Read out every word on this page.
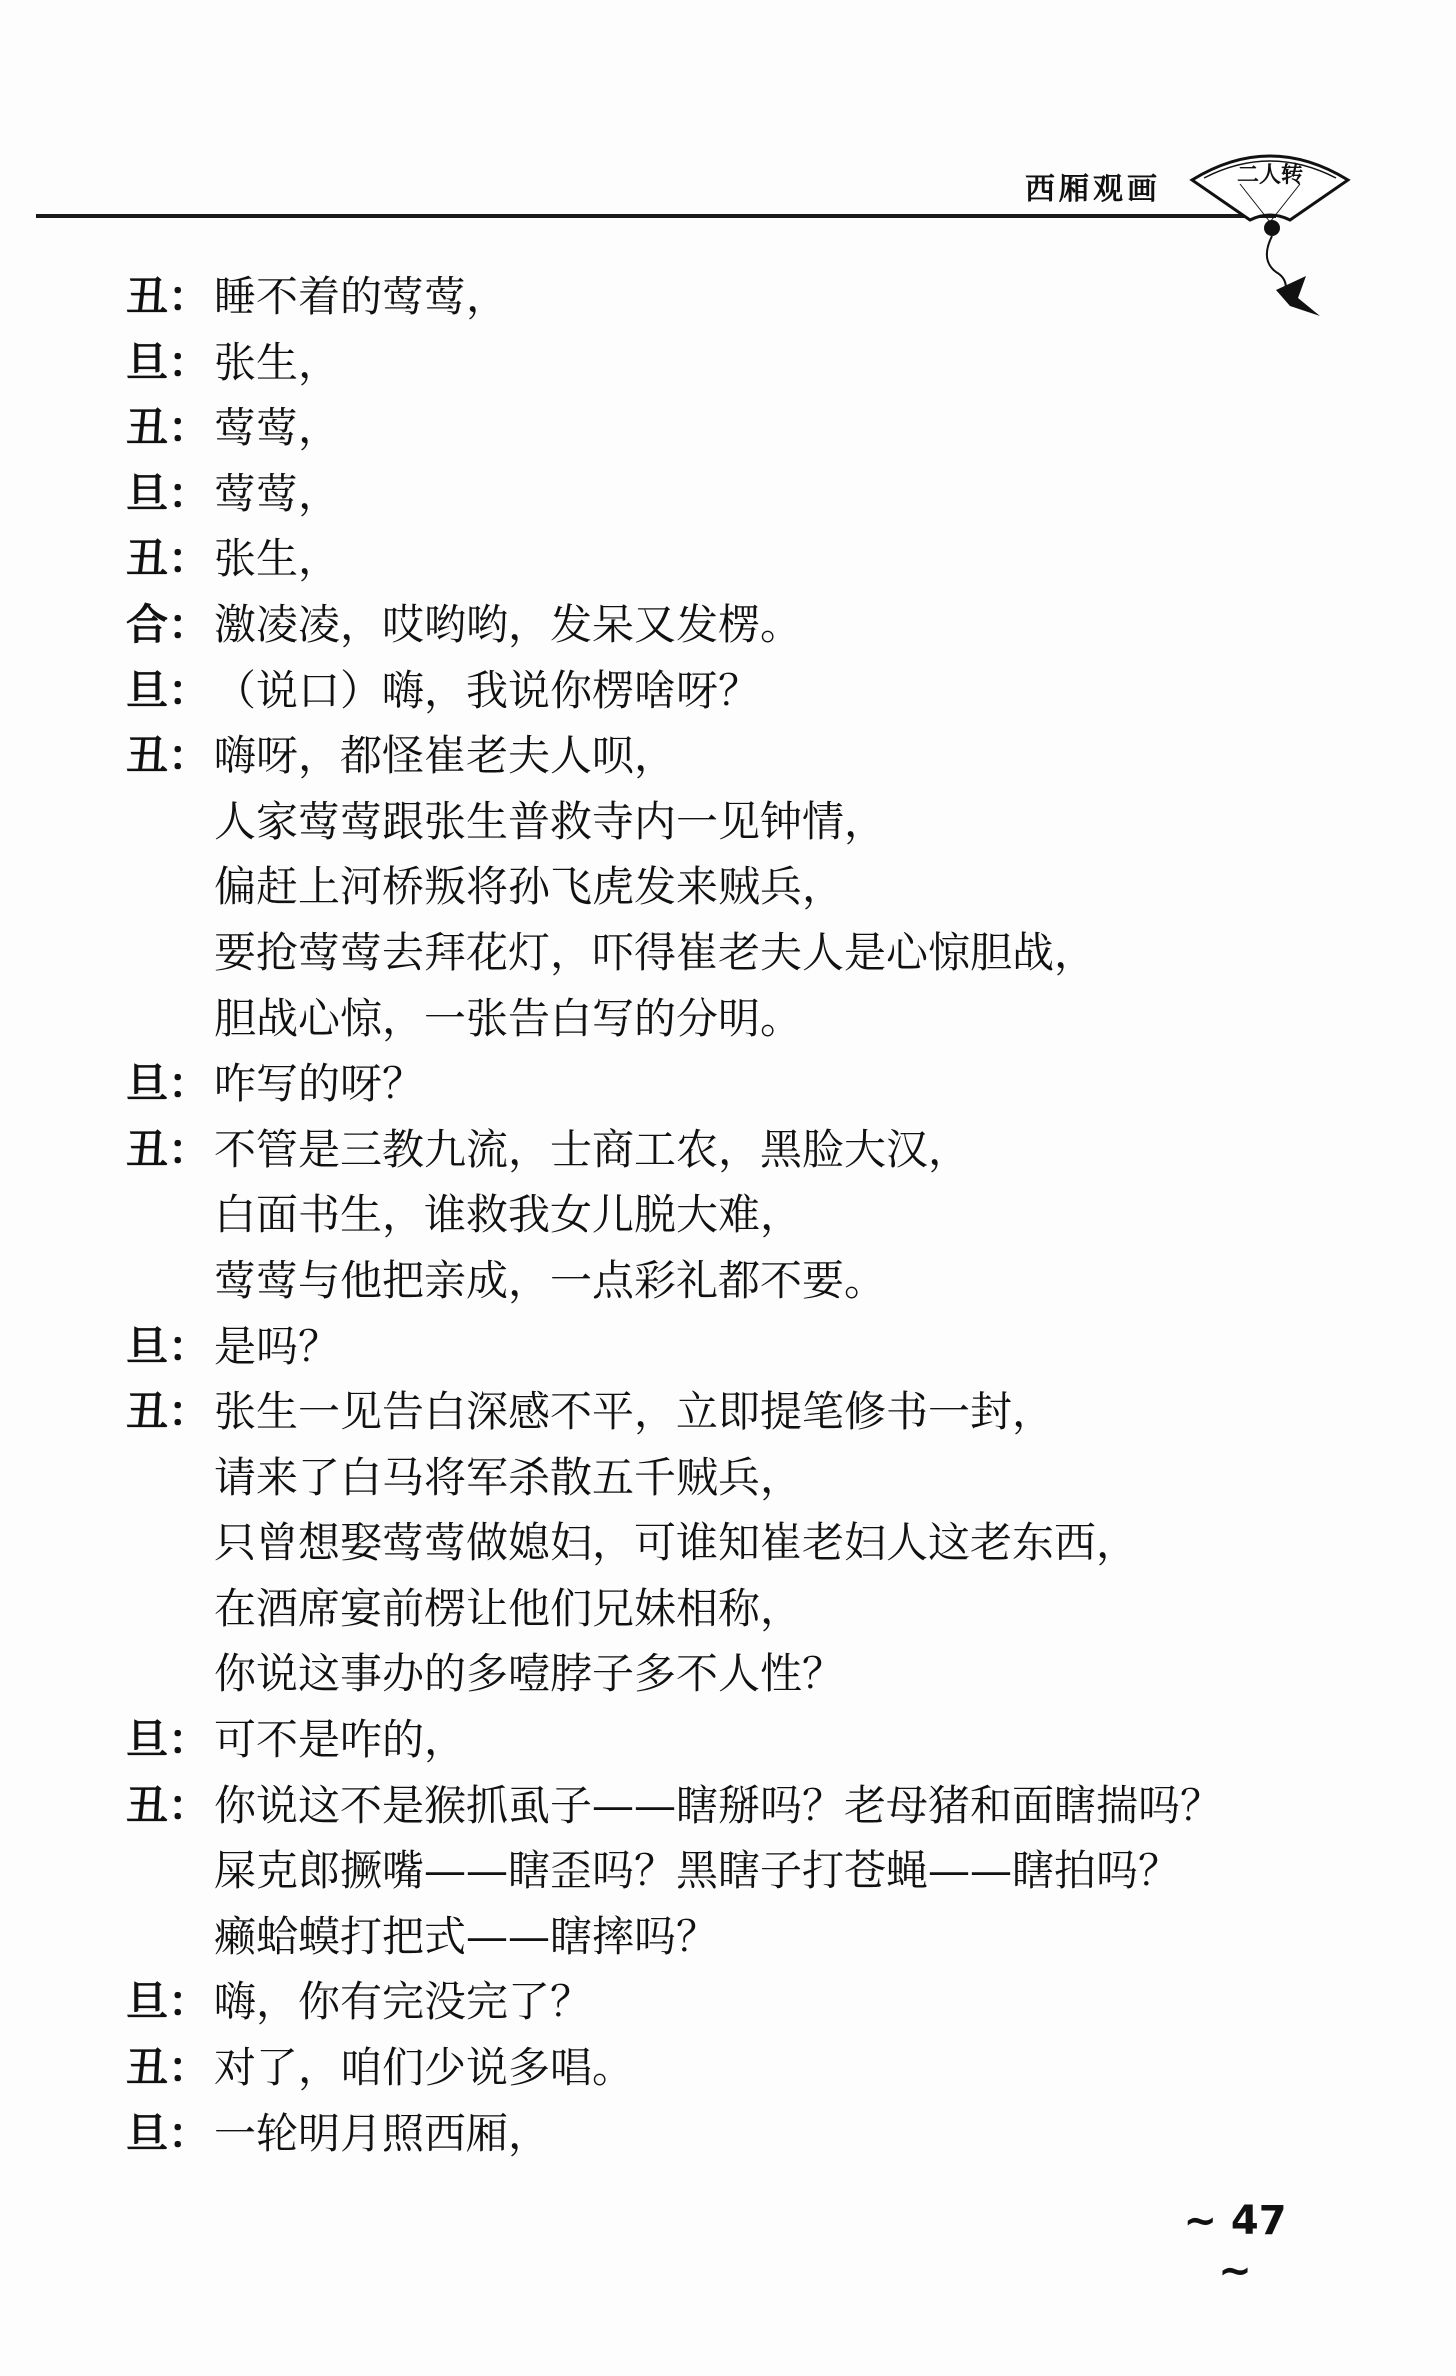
西厢观画	二人转
丑： 睡不着的莺莺，
旦： 张生，
丑： 莺莺，
旦： 莺莺，
丑： 张生，
合： 激凌凌，哎哟哟，发呆又发楞。
旦： （说口）嗨，我说你楞啥呀？
丑： 嗨呀，都怪崔老夫人呗，
人家莺莺跟张生普救寺内一见钟情，
偏赶上河桥叛将孙飞虎发来贼兵，
要抢莺莺去拜花灯，吓得崔老夫人是心惊胆战，
胆战心惊，一张告白写的分明。
旦： 咋写的呀？
丑： 不管是三教九流，士商工农，黑脸大汉，
白面书生，谁救我女儿脱大难，
莺莺与他把亲成，一点彩礼都不要。
旦： 是吗？
丑： 张生一见告白深感不平，立即提笔修书一封，
请来了白马将军杀散五千贼兵，
只曾想娶莺莺做媳妇，可谁知崔老妇人这老东西，
在酒席宴前楞让他们兄妹相称，
你说这事办的多噎脖子多不人性？
旦： 可不是咋的，
丑： 你说这不是猴抓虱子——瞎掰吗？老母猪和面瞎揣吗？
屎克郎撅嘴——瞎歪吗？黑瞎子打苍蝇——瞎拍吗？
癞蛤蟆打把式——瞎摔吗？
旦： 嗨，你有完没完了？
丑： 对了，咱们少说多唱。
旦： 一轮明月照西厢，
~ 47 ~
